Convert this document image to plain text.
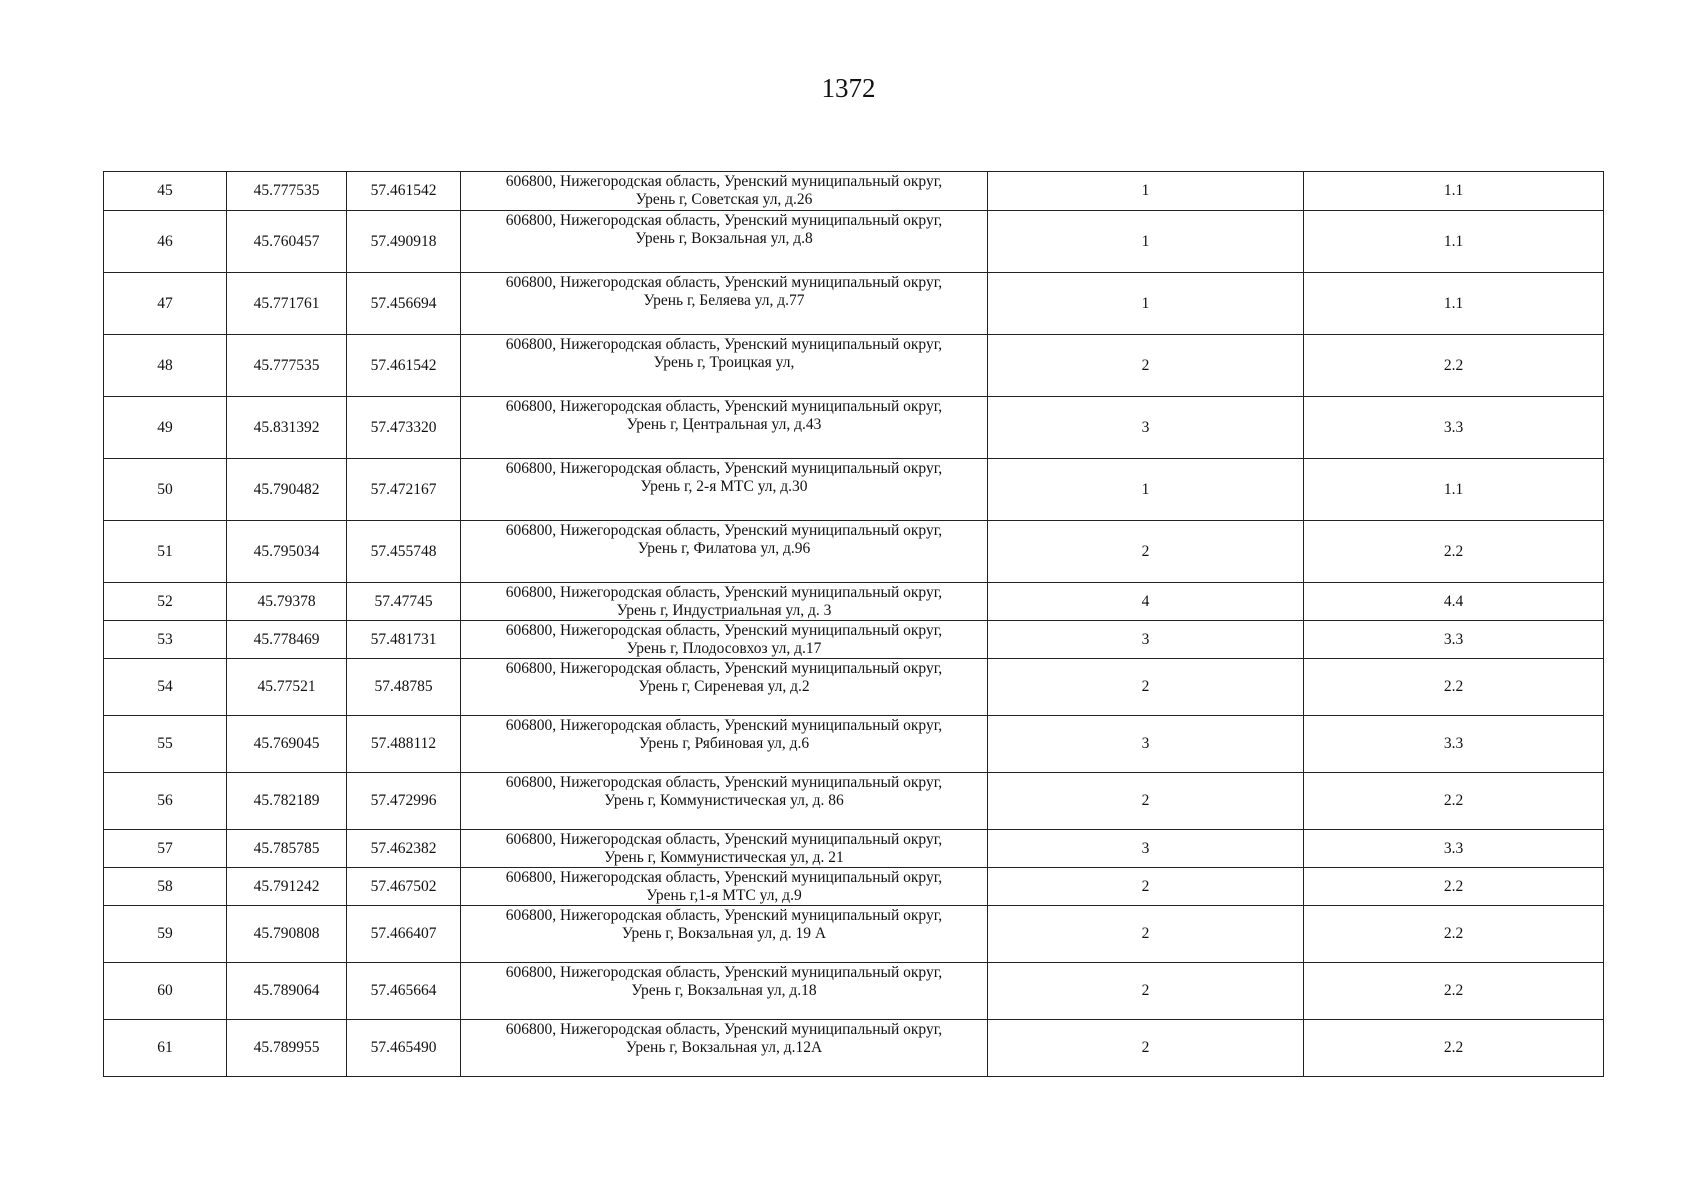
1372
45	45.777535	57.461542	606800, Нижегородская область, Уренский муниципальный округ,
Урень г, Советская ул, д.26	1	1.1
46	45.760457	57.490918	606800, Нижегородская область, Уренский муниципальный округ,
Урень г, Вокзальная ул, д.8	1	1.1
47	45.771761	57.456694	606800, Нижегородская область, Уренский муниципальный округ,
Урень г, Беляева ул, д.77	1	1.1
48	45.777535	57.461542	606800, Нижегородская область, Уренский муниципальный округ,
Урень г, Троицкая ул,	2	2.2
49	45.831392	57.473320	606800, Нижегородская область, Уренский муниципальный округ,
Урень г, Центральная ул, д.43	3	3.3
50	45.790482	57.472167	606800, Нижегородская область, Уренский муниципальный округ,
Урень г, 2-я МТС ул, д.30	1	1.1
51	45.795034	57.455748	606800, Нижегородская область, Уренский муниципальный округ,
Урень г, Филатова ул, д.96	2	2.2
52	45.79378	57.47745	606800, Нижегородская область, Уренский муниципальный округ,
Урень г, Индустриальная ул, д. 3	4	4.4
53	45.778469	57.481731	606800, Нижегородская область, Уренский муниципальный округ,
Урень г, Плодосовхоз ул, д.17	3	3.3
54	45.77521	57.48785	606800, Нижегородская область, Уренский муниципальный округ,
Урень г, Сиреневая ул, д.2	2	2.2
55	45.769045	57.488112	606800, Нижегородская область, Уренский муниципальный округ,
Урень г, Рябиновая ул, д.6	3	3.3
56	45.782189	57.472996	606800, Нижегородская область, Уренский муниципальный округ,
Урень г, Коммунистическая ул, д. 86	2	2.2
57	45.785785	57.462382	606800, Нижегородская область, Уренский муниципальный округ,
Урень г, Коммунистическая ул, д. 21	3	3.3
58	45.791242	57.467502	606800, Нижегородская область, Уренский муниципальный округ,
Урень г,1-я МТС ул, д.9	2	2.2
59	45.790808	57.466407	606800, Нижегородская область, Уренский муниципальный округ,
Урень г, Вокзальная ул, д. 19 А	2	2.2
60	45.789064	57.465664	606800, Нижегородская область, Уренский муниципальный округ,
Урень г, Вокзальная ул, д.18	2	2.2
61	45.789955	57.465490	606800, Нижегородская область, Уренский муниципальный округ,
Урень г, Вокзальная ул, д.12А	2	2.2
